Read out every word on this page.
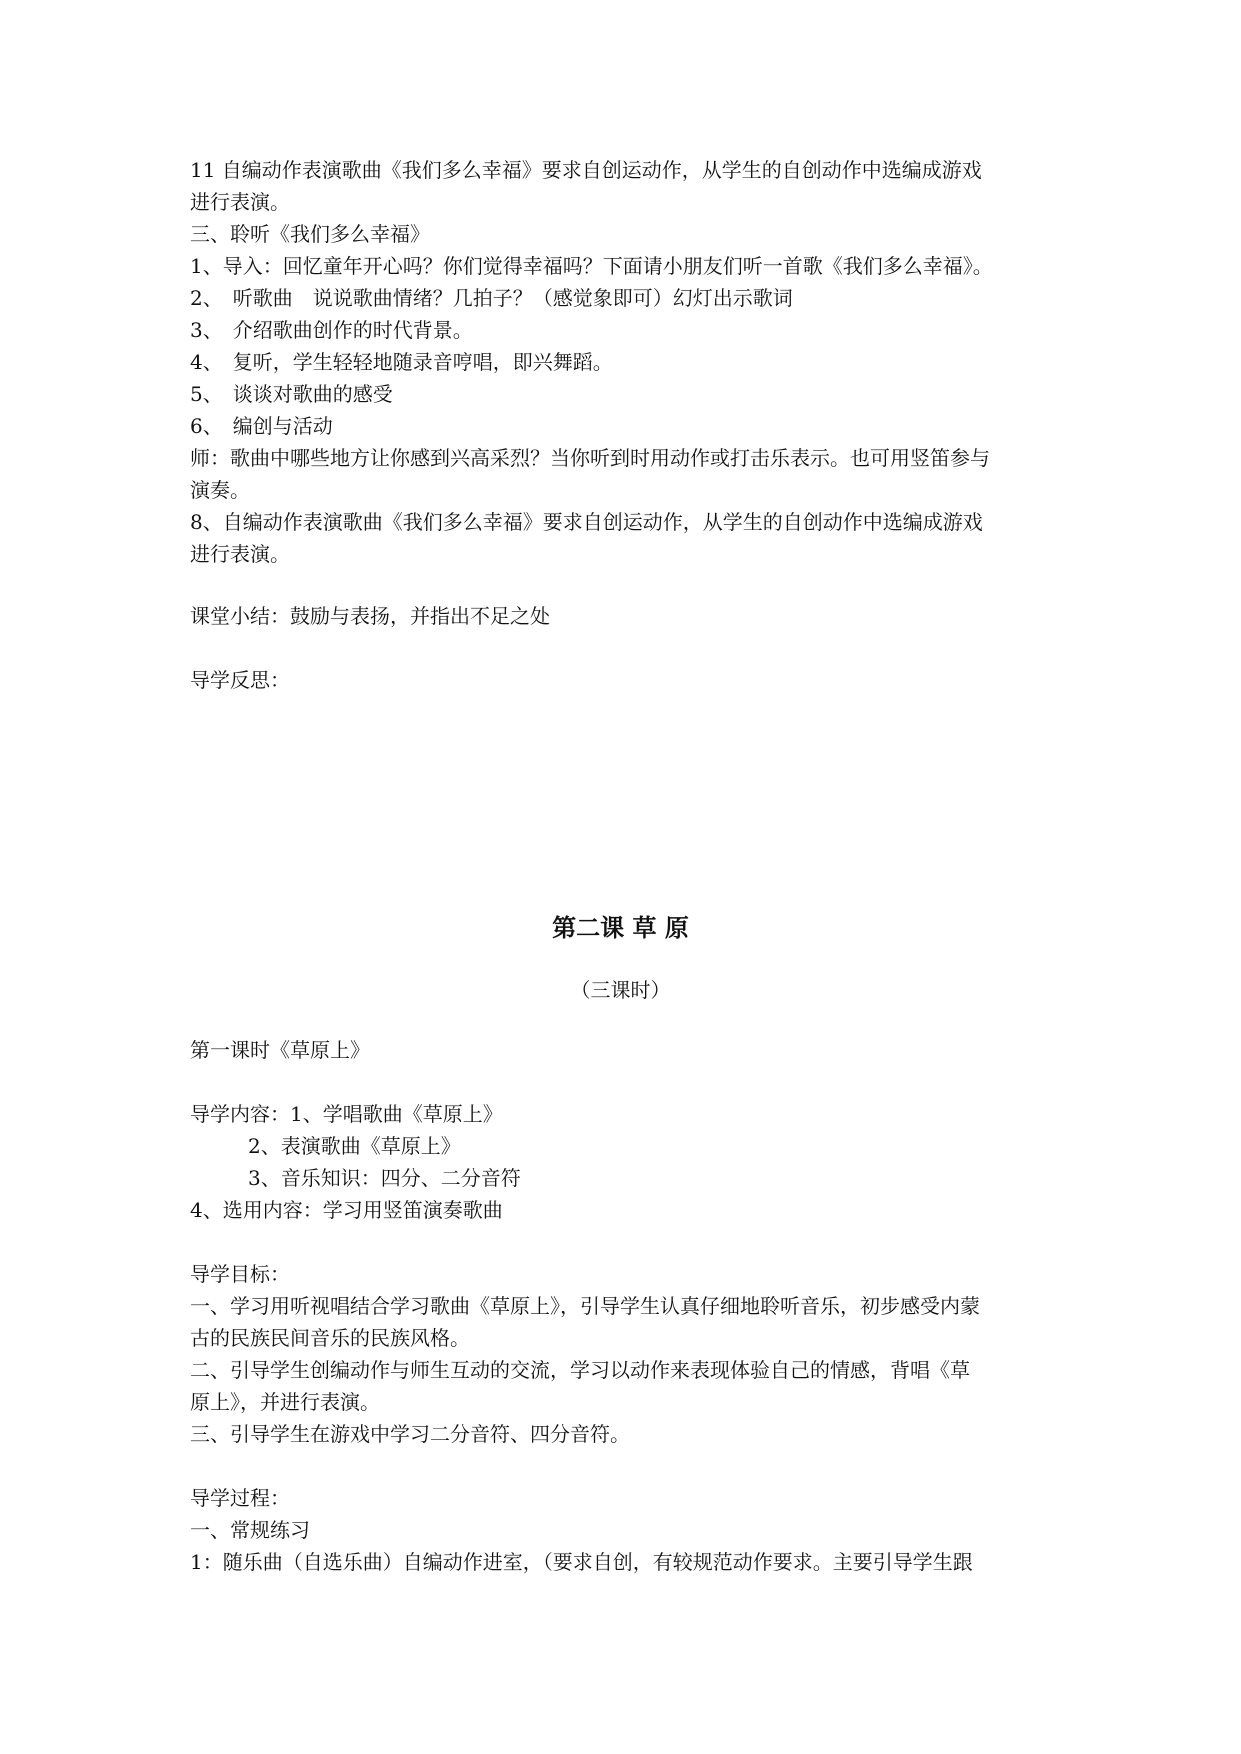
11 自编动作表演歌曲《我们多么幸福》要求自创运动作，从学生的自创动作中选编成游戏
进行表演。
三、聆听《我们多么幸福》
1、导入：回忆童年开心吗？你们觉得幸福吗？下面请小朋友们听一首歌《我们多么幸福》。
2、　听歌曲　说说歌曲情绪？几拍子？（感觉象即可）幻灯出示歌词
3、　介绍歌曲创作的时代背景。
4、　复听，学生轻轻地随录音哼唱，即兴舞蹈。
5、　谈谈对歌曲的感受
6、　编创与活动
师：歌曲中哪些地方让你感到兴高采烈？当你听到时用动作或打击乐表示。也可用竖笛参与
演奏。
8、自编动作表演歌曲《我们多么幸福》要求自创运动作，从学生的自创动作中选编成游戏
进行表演。
课堂小结：鼓励与表扬，并指出不足之处
导学反思：
第二课 草 原
（三课时）
第一课时《草原上》
导学内容：1、学唱歌曲《草原上》
2、表演歌曲《草原上》
3、音乐知识：四分、二分音符
4、选用内容：学习用竖笛演奏歌曲
导学目标：
一、学习用听视唱结合学习歌曲《草原上》，引导学生认真仔细地聆听音乐，初步感受内蒙
古的民族民间音乐的民族风格。
二、引导学生创编动作与师生互动的交流，学习以动作来表现体验自己的情感，背唱《草
原上》，并进行表演。
三、引导学生在游戏中学习二分音符、四分音符。
导学过程：
一、常规练习
1：随乐曲（自选乐曲）自编动作进室，（要求自创，有较规范动作要求。主要引导学生跟
